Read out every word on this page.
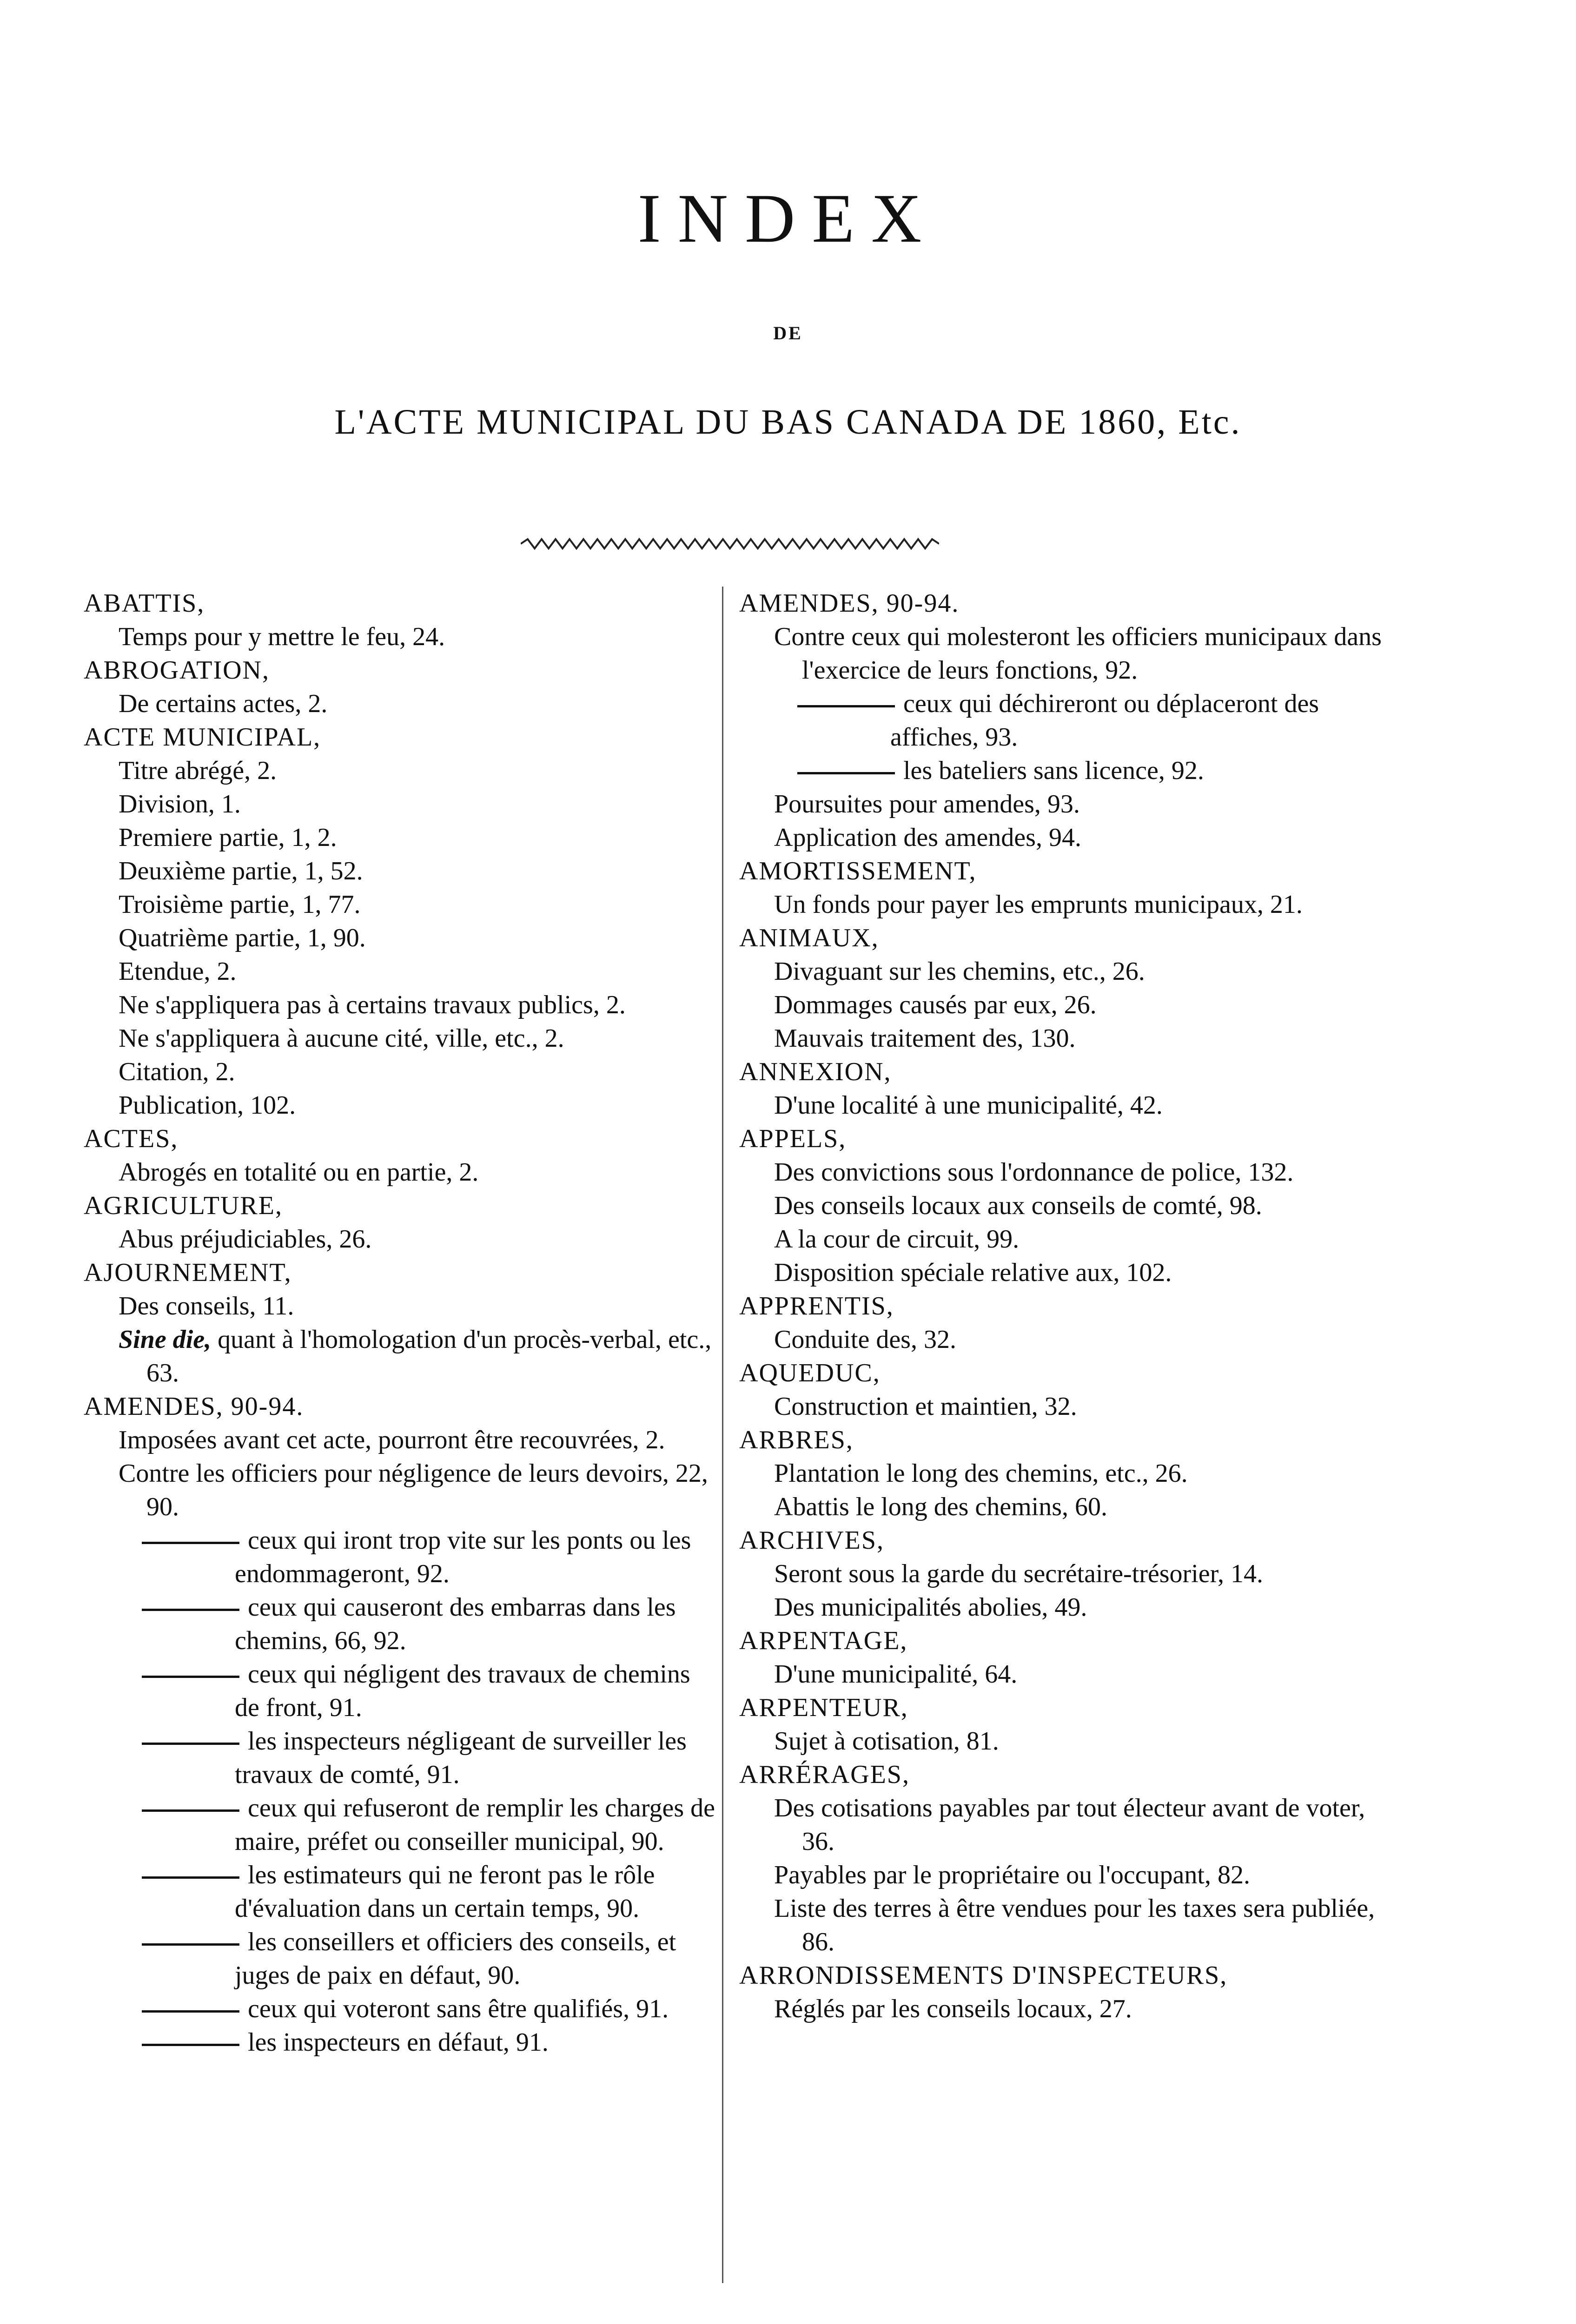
INDEX
DE
L'ACTE MUNICIPAL DU BAS CANADA DE 1860, Etc.
ABATTIS,
Temps pour y mettre le feu, 24.
ABROGATION,
De certains actes, 2.
ACTE MUNICIPAL,
Titre abrégé, 2.
Division, 1.
Premiere partie, 1, 2.
Deuxième partie, 1, 52.
Troisième partie, 1, 77.
Quatrième partie, 1, 90.
Etendue, 2.
Ne s'appliquera pas à certains travaux publics, 2.
Ne s'appliquera à aucune cité, ville, etc., 2.
Citation, 2.
Publication, 102.
ACTES,
Abrogés en totalité ou en partie, 2.
AGRICULTURE,
Abus préjudiciables, 26.
AJOURNEMENT,
Des conseils, 11.
Sine die, quant à l'homologation d'un procès-verbal, etc., 63.
AMENDES, 90-94.
Imposées avant cet acte, pourront être recouvrées, 2.
Contre les officiers pour négligence de leurs devoirs, 22, 90.
ceux qui iront trop vite sur les ponts ou les endommageront, 92.
ceux qui causeront des embarras dans les chemins, 66, 92.
ceux qui négligent des travaux de chemins de front, 91.
les inspecteurs négligeant de surveiller les travaux de comté, 91.
ceux qui refuseront de remplir les charges de maire, préfet ou conseiller municipal, 90.
les estimateurs qui ne feront pas le rôle d'évaluation dans un certain temps, 90.
les conseillers et officiers des conseils, et juges de paix en défaut, 90.
ceux qui voteront sans être qualifiés, 91.
les inspecteurs en défaut, 91.
AMENDES, 90-94.
Contre ceux qui molesteront les officiers municipaux dans l'exercice de leurs fonctions, 92.
ceux qui déchireront ou déplaceront des affiches, 93.
les bateliers sans licence, 92.
Poursuites pour amendes, 93.
Application des amendes, 94.
AMORTISSEMENT,
Un fonds pour payer les emprunts municipaux, 21.
ANIMAUX,
Divaguant sur les chemins, etc., 26.
Dommages causés par eux, 26.
Mauvais traitement des, 130.
ANNEXION,
D'une localité à une municipalité, 42.
APPELS,
Des convictions sous l'ordonnance de police, 132.
Des conseils locaux aux conseils de comté, 98.
A la cour de circuit, 99.
Disposition spéciale relative aux, 102.
APPRENTIS,
Conduite des, 32.
AQUEDUC,
Construction et maintien, 32.
ARBRES,
Plantation le long des chemins, etc., 26.
Abattis le long des chemins, 60.
ARCHIVES,
Seront sous la garde du secrétaire-trésorier, 14.
Des municipalités abolies, 49.
ARPENTAGE,
D'une municipalité, 64.
ARPENTEUR,
Sujet à cotisation, 81.
ARRÉRAGES,
Des cotisations payables par tout électeur avant de voter, 36.
Payables par le propriétaire ou l'occupant, 82.
Liste des terres à être vendues pour les taxes sera publiée, 86.
ARRONDISSEMENTS D'INSPECTEURS,
Réglés par les conseils locaux, 27.
